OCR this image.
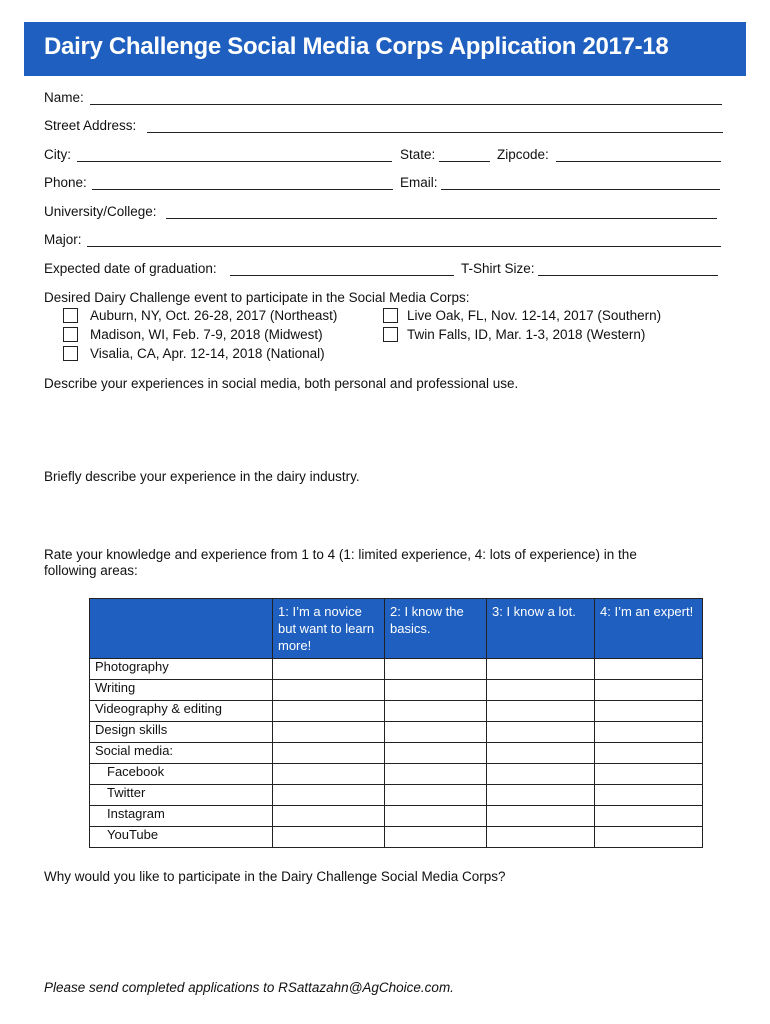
Dairy Challenge Social Media Corps Application 2017-18
Name:
Street Address:
City:	State:	Zipcode:
Phone:	Email:
University/College:
Major:
Expected date of graduation:	T-Shirt Size:
Desired Dairy Challenge event to participate in the Social Media Corps:
Auburn, NY, Oct. 26-28, 2017 (Northeast)
Madison, WI, Feb. 7-9, 2018 (Midwest)
Visalia, CA, Apr. 12-14, 2018 (National)
Live Oak, FL, Nov. 12-14, 2017 (Southern)
Twin Falls, ID, Mar. 1-3, 2018 (Western)
Describe your experiences in social media, both personal and professional use.
Briefly describe your experience in the dairy industry.
Rate your knowledge and experience from 1 to 4 (1: limited experience, 4: lots of experience) in the
following areas:
	1: I’m a novice but want to learn more!	2: I know the basics.	3: I know a lot.	4: I’m an expert!
Photography				
Writing				
Videography & editing				
Design skills				
Social media:				
Facebook				
Twitter				
Instagram				
YouTube				
Why would you like to participate in the Dairy Challenge Social Media Corps?
Please send completed applications to RSattazahn@AgChoice.com.
